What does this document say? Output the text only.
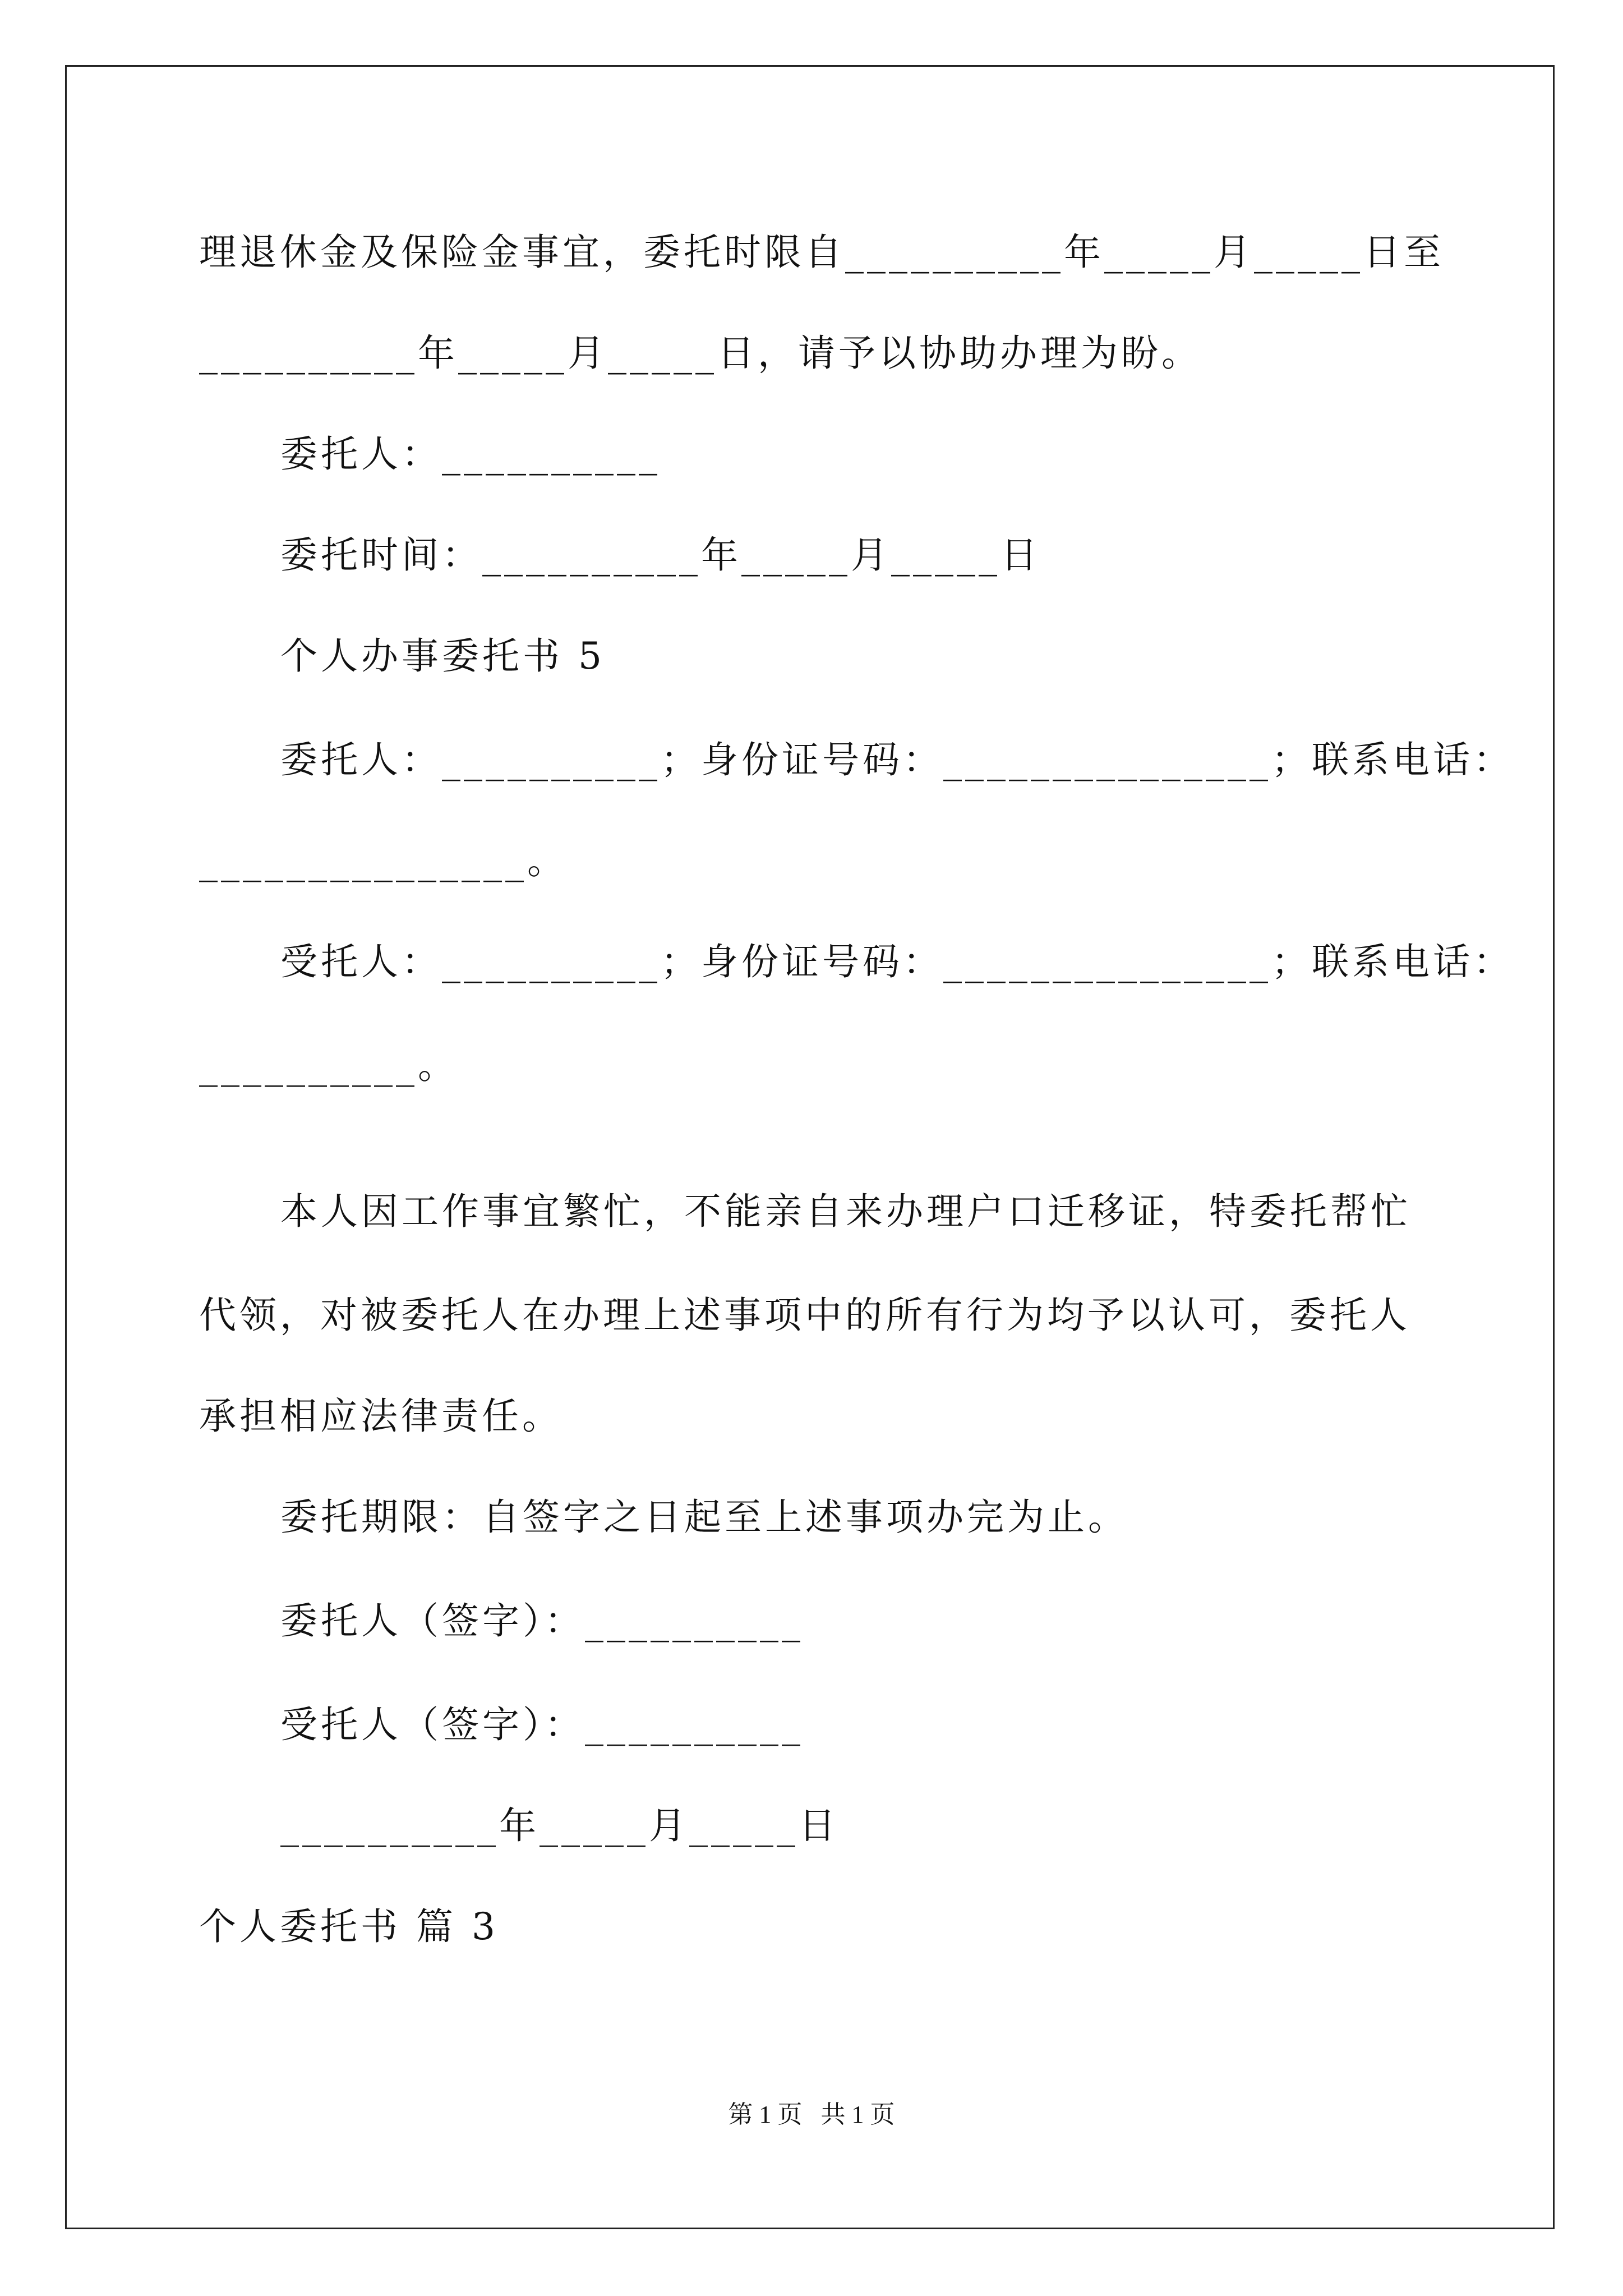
理退休金及保险金事宜，委托时限自__________年_____月_____日至
__________年_____月_____日，请予以协助办理为盼。
委托人：__________
委托时间：__________年_____月_____日
个人办事委托书 5
委托人：__________；身份证号码：_______________；联系电话：
_______________。
受托人：__________；身份证号码：_______________；联系电话：
__________。
本人因工作事宜繁忙，不能亲自来办理户口迁移证，特委托帮忙
代领，对被委托人在办理上述事项中的所有行为均予以认可，委托人
承担相应法律责任。
委托期限：自签字之日起至上述事项办完为止。
委托人（签字）：__________
受托人（签字）：__________
__________年_____月_____日
个人委托书 篇 3
第 1 页   共 1 页
